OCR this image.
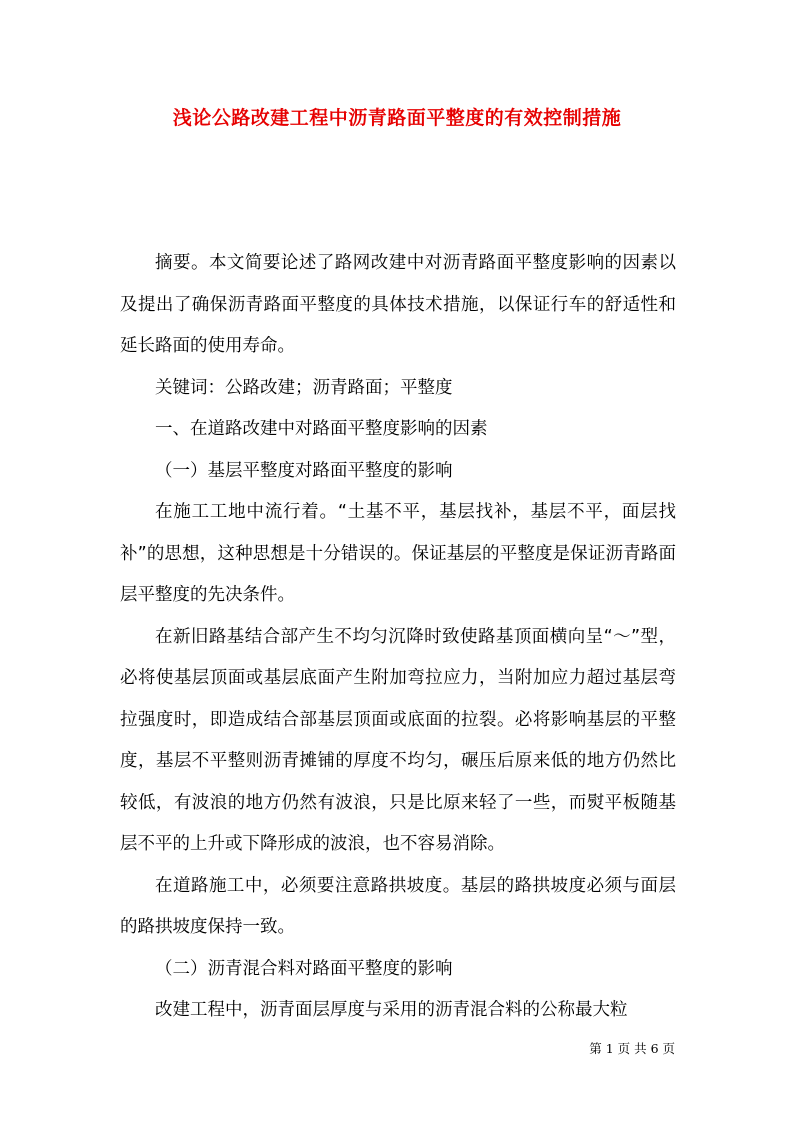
浅论公路改建工程中沥青路面平整度的有效控制措施

摘要。本文简要论述了路网改建中对沥青路面平整度影响的因素以及提出了确保沥青路面平整度的具体技术措施，以保证行车的舒适性和延长路面的使用寿命。

关键词：公路改建；沥青路面；平整度

一、在道路改建中对路面平整度影响的因素

（一）基层平整度对路面平整度的影响

在施工工地中流行着。“土基不平，基层找补，基层不平，面层找补”的思想，这种思想是十分错误的。保证基层的平整度是保证沥青路面层平整度的先决条件。

在新旧路基结合部产生不均匀沉降时致使路基顶面横向呈“～”型，必将使基层顶面或基层底面产生附加弯拉应力，当附加应力超过基层弯拉强度时，即造成结合部基层顶面或底面的拉裂。必将影响基层的平整度，基层不平整则沥青摊铺的厚度不均匀，碾压后原来低的地方仍然比较低，有波浪的地方仍然有波浪，只是比原来轻了一些，而熨平板随基层不平的上升或下降形成的波浪，也不容易消除。

在道路施工中，必须要注意路拱坡度。基层的路拱坡度必须与面层的路拱坡度保持一致。

（二）沥青混合料对路面平整度的影响

改建工程中，沥青面层厚度与采用的沥青混合料的公称最大粒

第 1 页 共 6 页
